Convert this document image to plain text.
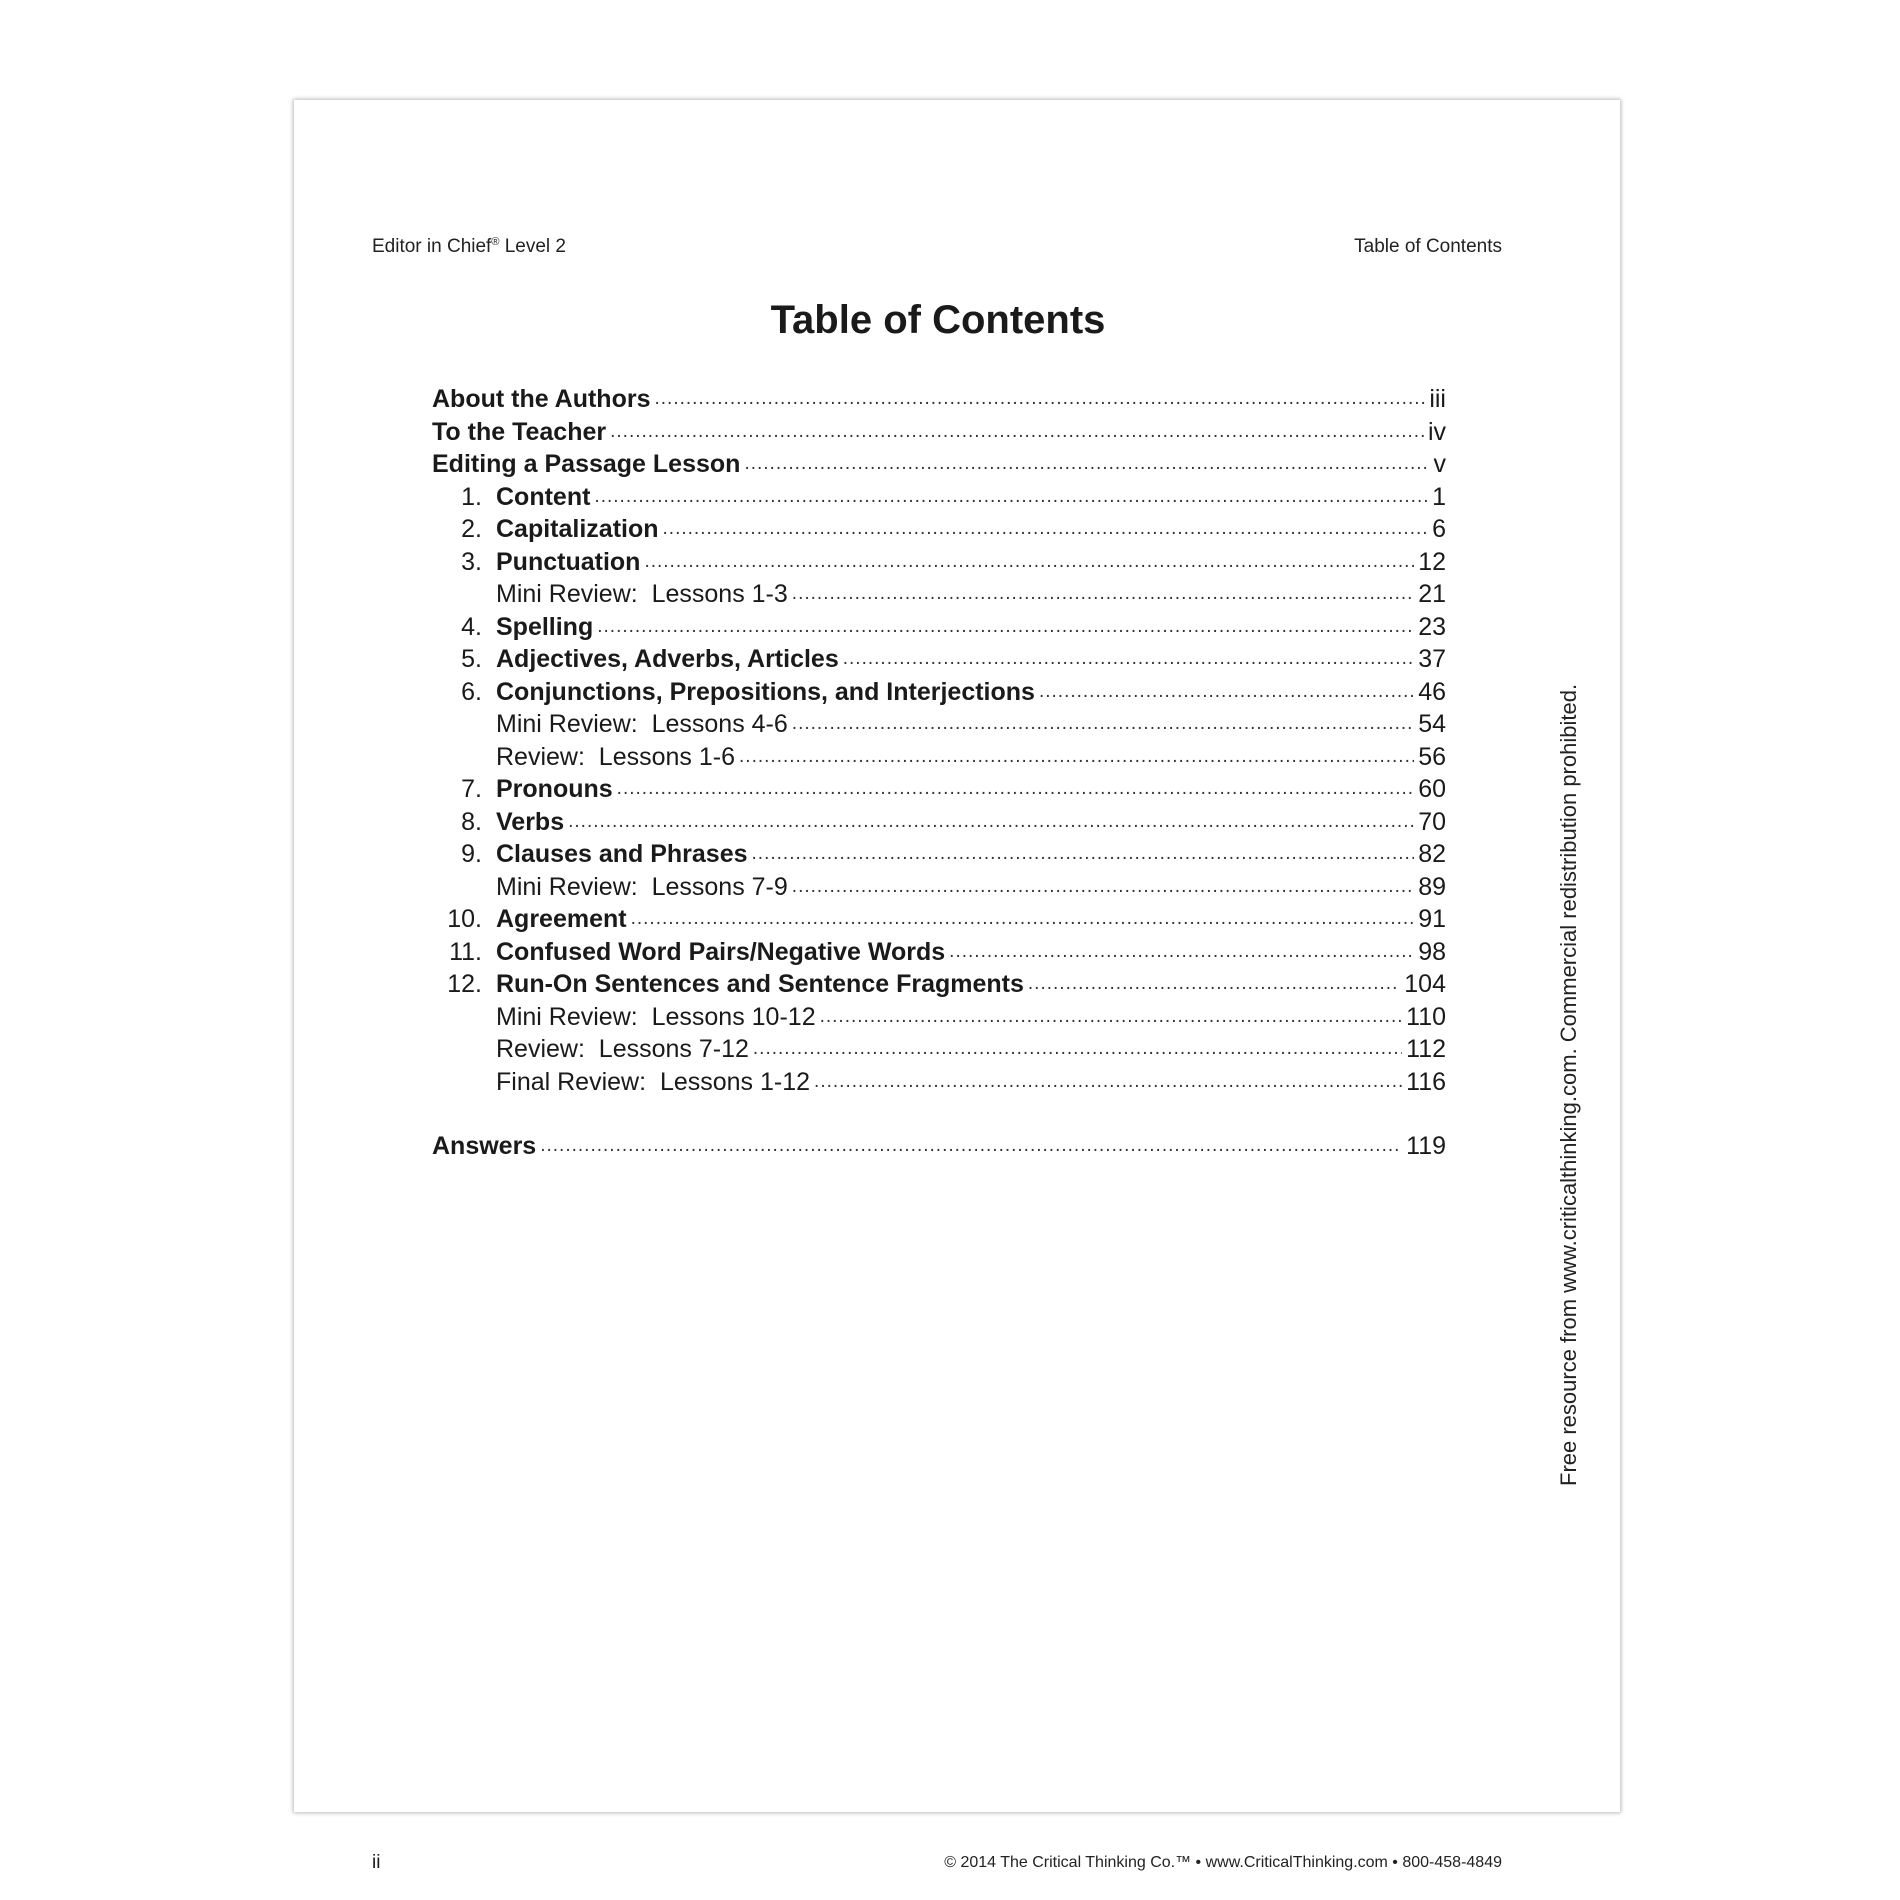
Editor in Chief® Level 2	Table of Contents
Table of Contents
About the Authors .....	iii
To the Teacher .....	iv
Editing a Passage Lesson .....	v
1. Content .....	1
2. Capitalization .....	6
3. Punctuation .....	12
Mini Review:  Lessons 1-3 .....	21
4. Spelling .....	23
5. Adjectives, Adverbs, Articles .....	37
6. Conjunctions, Prepositions, and Interjections .....	46
Mini Review:  Lessons 4-6 .....	54
Review:  Lessons 1-6 .....	56
7. Pronouns .....	60
8. Verbs .....	70
9. Clauses and Phrases .....	82
Mini Review:  Lessons 7-9 .....	89
10. Agreement .....	91
11. Confused Word Pairs/Negative Words .....	98
12. Run-On Sentences and Sentence Fragments .....	104
Mini Review:  Lessons 10-12 .....	110
Review:  Lessons 7-12 .....	112
Final Review:  Lessons 1-12 .....	116
Answers .....	119	Free resource from www.criticalthinking.com. Commercial redistribution prohibited.
ii	© 2014 The Critical Thinking Co.™ • www.CriticalThinking.com • 800-458-4849
